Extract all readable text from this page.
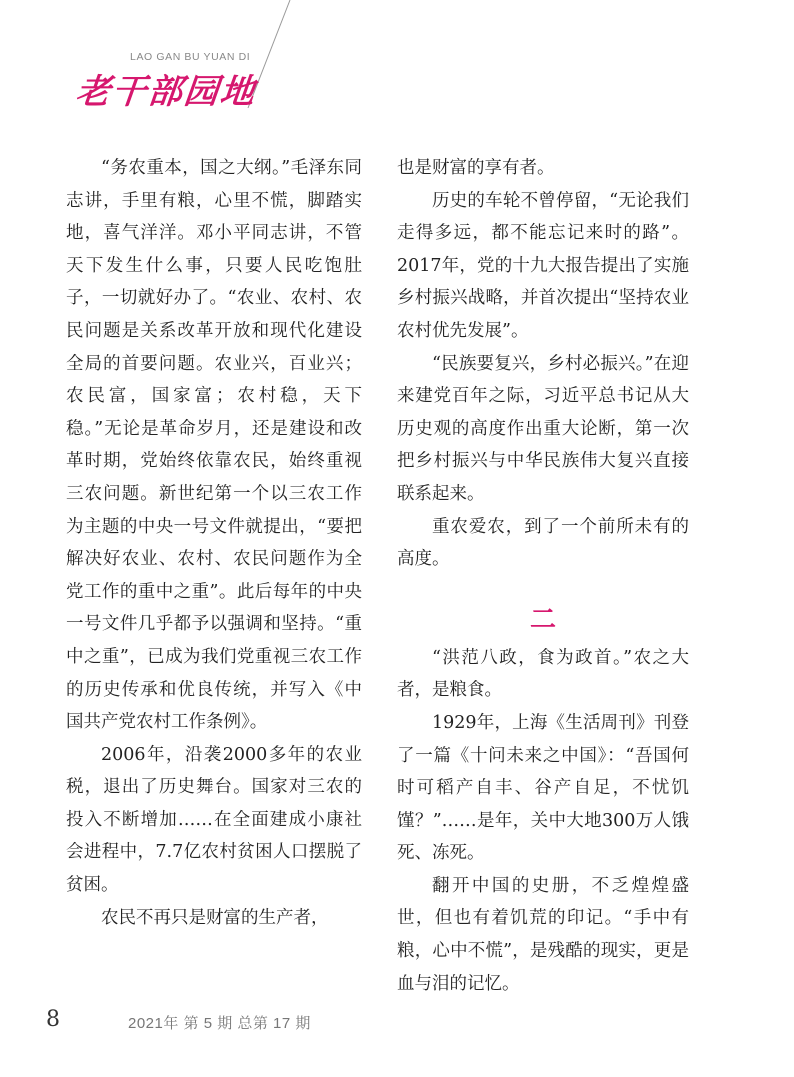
LAO GAN BU YUAN DI
老干部园地

“务农重本，国之大纲。”毛泽东同志讲，手里有粮，心里不慌，脚踏实地，喜气洋洋。邓小平同志讲，不管天下发生什么事，只要人民吃饱肚子，一切就好办了。“农业、农村、农民问题是关系改革开放和现代化建设全局的首要问题。农业兴，百业兴；农民富，国家富；农村稳，天下稳。”无论是革命岁月，还是建设和改革时期，党始终依靠农民，始终重视三农问题。新世纪第一个以三农工作为主题的中央一号文件就提出，“要把解决好农业、农村、农民问题作为全党工作的重中之重”。此后每年的中央一号文件几乎都予以强调和坚持。“重中之重”，已成为我们党重视三农工作的历史传承和优良传统，并写入《中国共产党农村工作条例》。

2006年，沿袭2000多年的农业税，退出了历史舞台。国家对三农的投入不断增加……在全面建成小康社会进程中，7.7亿农村贫困人口摆脱了贫困。

农民不再只是财富的生产者，

也是财富的享有者。

历史的车轮不曾停留，“无论我们走得多远，都不能忘记来时的路”。2017年，党的十九大报告提出了实施乡村振兴战略，并首次提出“坚持农业农村优先发展”。

“民族要复兴，乡村必振兴。”在迎来建党百年之际，习近平总书记从大历史观的高度作出重大论断，第一次把乡村振兴与中华民族伟大复兴直接联系起来。

重农爱农，到了一个前所未有的高度。

二

“洪范八政，食为政首。”农之大者，是粮食。

1929年，上海《生活周刊》刊登了一篇《十问未来之中国》：“吾国何时可稻产自丰、谷产自足，不忧饥馑？”……是年，关中大地300万人饿死、冻死。

翻开中国的史册，不乏煌煌盛世，但也有着饥荒的印记。“手中有粮，心中不慌”，是残酷的现实，更是血与泪的记忆。

8	2021年 第 5 期 总第 17 期
